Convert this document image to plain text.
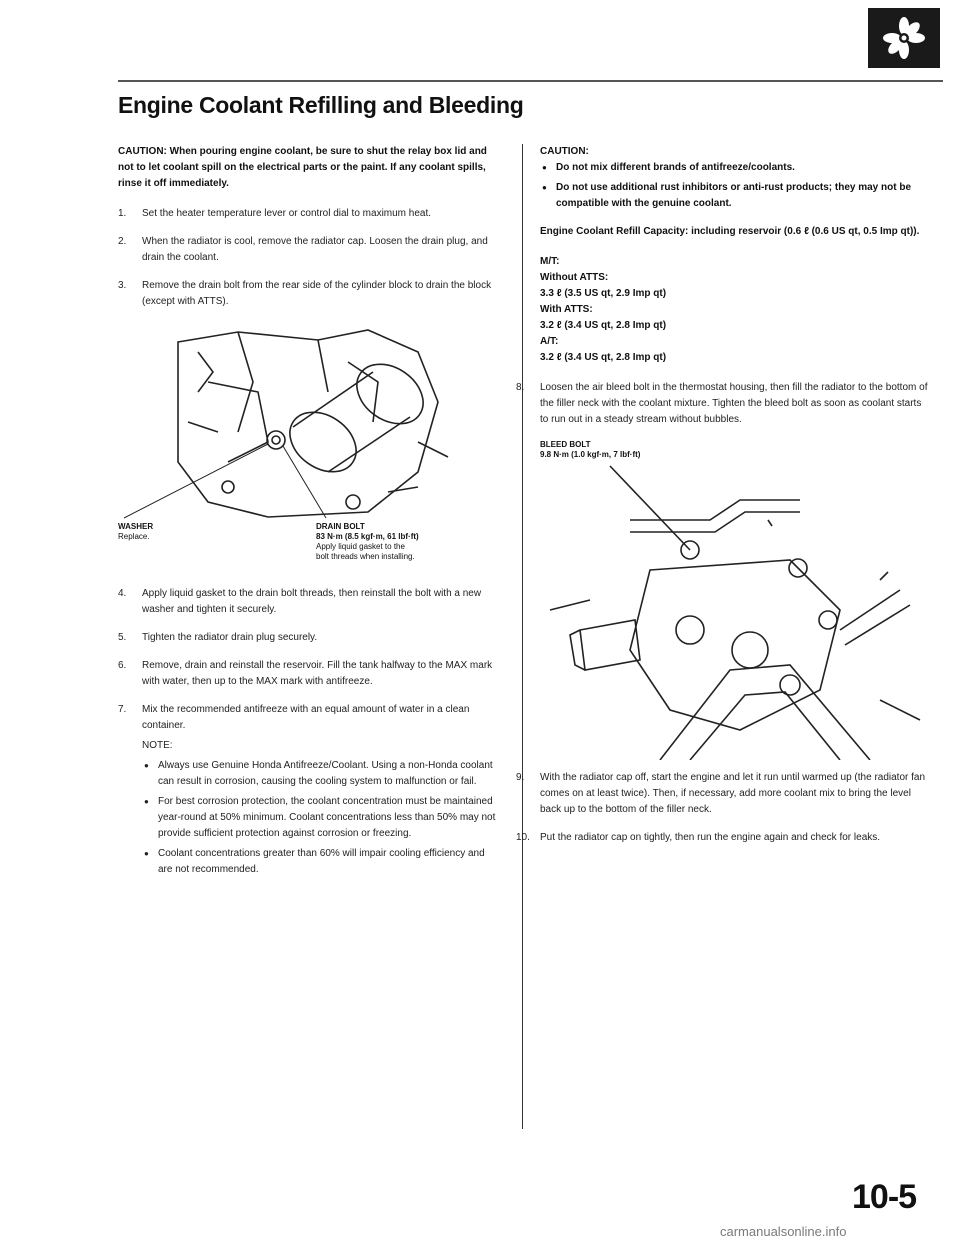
Engine Coolant Refilling and Bleeding

CAUTION: When pouring engine coolant, be sure to shut the relay box lid and not to let coolant spill on the electrical parts or the paint. If any coolant spills, rinse it off immediately.

1.	Set the heater temperature lever or control dial to maximum heat.
2.	When the radiator is cool, remove the radiator cap. Loosen the drain plug, and drain the coolant.
3.	Remove the drain bolt from the rear side of the cylinder block to drain the block (except with ATTS).
WASHER
Replace.
DRAIN BOLT
83 N·m (8.5 kgf·m, 61 lbf·ft)
Apply liquid gasket to the
bolt threads when installing.
4.	Apply liquid gasket to the drain bolt threads, then reinstall the bolt with a new washer and tighten it securely.
5.	Tighten the radiator drain plug securely.
6.	Remove, drain and reinstall the reservoir. Fill the tank halfway to the MAX mark with water, then up to the MAX mark with antifreeze.
7.	Mix the recommended antifreeze with an equal amount of water in a clean container.

NOTE:

● Always use Genuine Honda Antifreeze/Coolant. Using a non-Honda coolant can result in corrosion, causing the cooling system to malfunction or fail.
● For best corrosion protection, the coolant concentration must be maintained year-round at 50% minimum. Coolant concentrations less than 50% may not provide sufficient protection against corrosion or freezing.
● Coolant concentrations greater than 60% will impair cooling efficiency and are not recommended.

CAUTION:

● Do not mix different brands of antifreeze/coolants.
● Do not use additional rust inhibitors or anti-rust products; they may not be compatible with the genuine coolant.

Engine Coolant Refill Capacity: including reservoir (0.6 ℓ (0.6 US qt, 0.5 Imp qt)).

M/T:

Without ATTS:

3.3 ℓ (3.5 US qt, 2.9 Imp qt)

With ATTS:

3.2 ℓ (3.4 US qt, 2.8 Imp qt)

A/T:

3.2 ℓ (3.4 US qt, 2.8 Imp qt)

8.	Loosen the air bleed bolt in the thermostat housing, then fill the radiator to the bottom of the filler neck with the coolant mixture. Tighten the bleed bolt as soon as coolant starts to run out in a steady stream without bubbles.
BLEED BOLT
9.8 N·m (1.0 kgf·m, 7 lbf·ft)
9.	With the radiator cap off, start the engine and let it run until warmed up (the radiator fan comes on at least twice). Then, if necessary, add more coolant mix to bring the level back up to the bottom of the filler neck.
10.	Put the radiator cap on tightly, then run the engine again and check for leaks.
10-5
carmanualsonline.info
